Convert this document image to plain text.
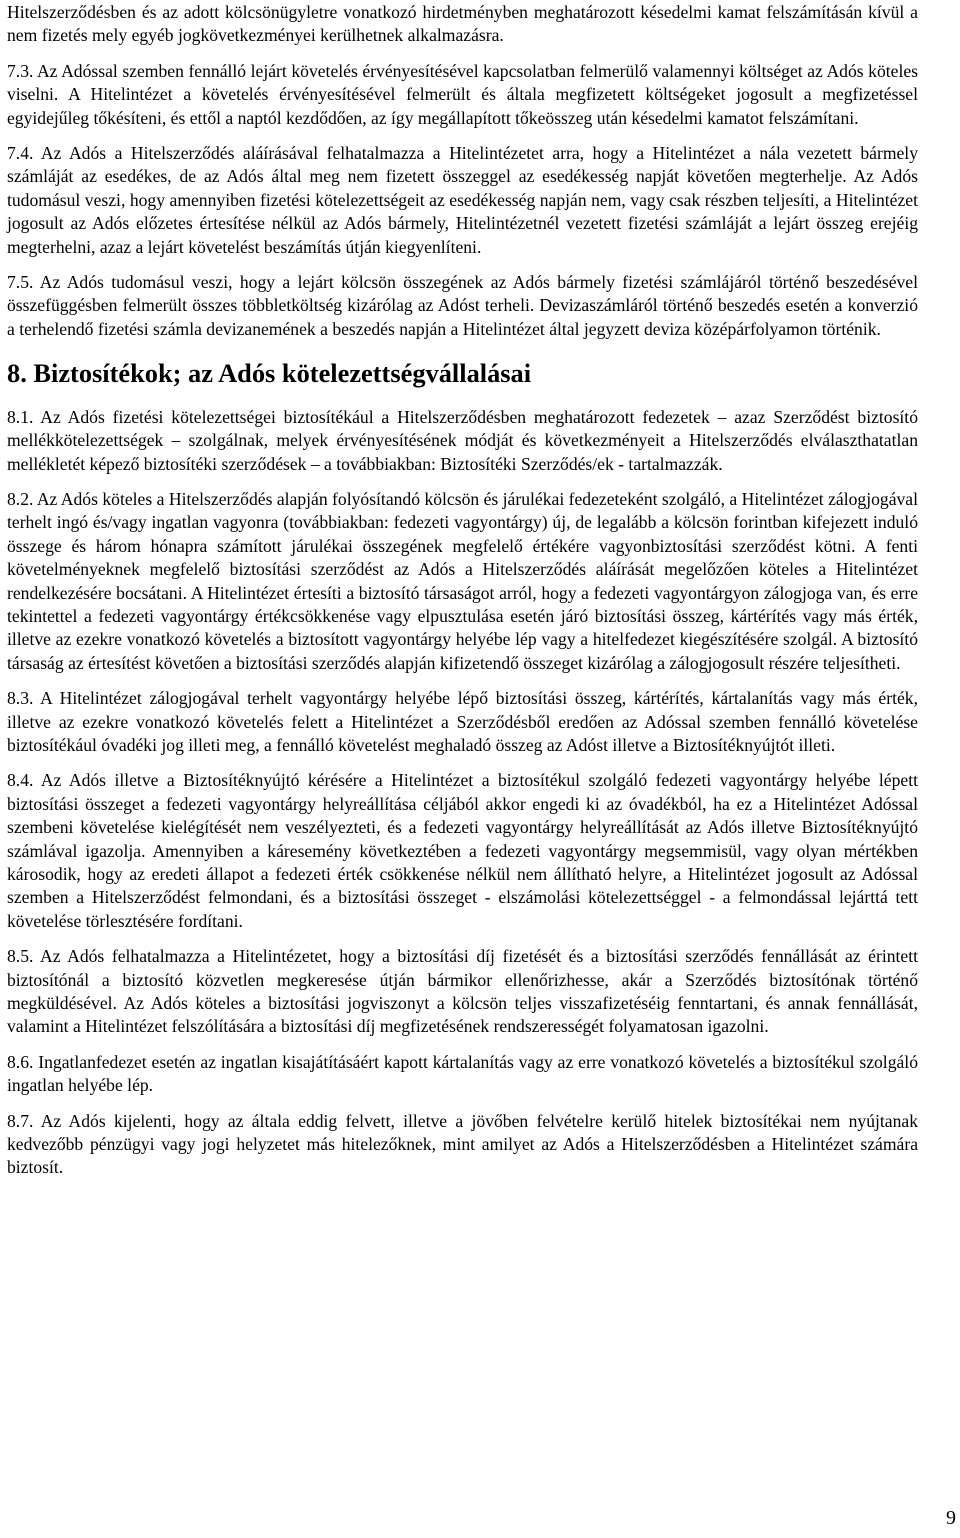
Hitelszerződésben és az adott kölcsönügyletre vonatkozó hirdetményben meghatározott késedelmi kamat felszámításán kívül a nem fizetés mely egyéb jogkövetkezményei kerülhetnek alkalmazásra.

7.3. Az Adóssal szemben fennálló lejárt követelés érvényesítésével kapcsolatban felmerülő valamennyi költséget az Adós köteles viselni. A Hitelintézet a követelés érvényesítésével felmerült és általa megfizetett költségeket jogosult a megfizetéssel egyidejűleg tőkésíteni, és ettől a naptól kezdődően, az így megállapított tőkeösszeg után késedelmi kamatot felszámítani.

7.4. Az Adós a Hitelszerződés aláírásával felhatalmazza a Hitelintézetet arra, hogy a Hitelintézet a nála vezetett bármely számláját az esedékes, de az Adós által meg nem fizetett összeggel az esedékesség napját követően megterhelje. Az Adós tudomásul veszi, hogy amennyiben fizetési kötelezettségeit az esedékesség napján nem, vagy csak részben teljesíti, a Hitelintézet jogosult az Adós előzetes értesítése nélkül az Adós bármely, Hitelintézetnél vezetett fizetési számláját a lejárt összeg erejéig megterhelni, azaz a lejárt követelést beszámítás útján kiegyenlíteni.

7.5. Az Adós tudomásul veszi, hogy a lejárt kölcsön összegének az Adós bármely fizetési számlájáról történő beszedésével összefüggésben felmerült összes többletköltség kizárólag az Adóst terheli. Devizaszámláról történő beszedés esetén a konverzió a terhelendő fizetési számla devizanemének a beszedés napján a Hitelintézet által jegyzett deviza középárfolyamon történik.

8. Biztosítékok; az Adós kötelezettségvállalásai

8.1. Az Adós fizetési kötelezettségei biztosítékául a Hitelszerződésben meghatározott fedezetek – azaz Szerződést biztosító mellékkötelezettségek – szolgálnak, melyek érvényesítésének módját és következményeit a Hitelszerződés elválaszthatatlan mellékletét képező biztosítéki szerződések – a továbbiakban: Biztosítéki Szerződés/ek - tartalmazzák.

8.2. Az Adós köteles a Hitelszerződés alapján folyósítandó kölcsön és járulékai fedezeteként szolgáló, a Hitelintézet zálogjogával terhelt ingó és/vagy ingatlan vagyonra (továbbiakban: fedezeti vagyontárgy) új, de legalább a kölcsön forintban kifejezett induló összege és három hónapra számított járulékai összegének megfelelő értékére vagyonbiztosítási szerződést kötni. A fenti követelményeknek megfelelő biztosítási szerződést az Adós a Hitelszerződés aláírását megelőzően köteles a Hitelintézet rendelkezésére bocsátani. A Hitelintézet értesíti a biztosító társaságot arról, hogy a fedezeti vagyontárgyon zálogjoga van, és erre tekintettel a fedezeti vagyontárgy értékcsökkenése vagy elpusztulása esetén járó biztosítási összeg, kártérítés vagy más érték, illetve az ezekre vonatkozó követelés a biztosított vagyontárgy helyébe lép vagy a hitelfedezet kiegészítésére szolgál. A biztosító társaság az értesítést követően a biztosítási szerződés alapján kifizetendő összeget kizárólag a zálogjogosult részére teljesítheti.

8.3. A Hitelintézet zálogjogával terhelt vagyontárgy helyébe lépő biztosítási összeg, kártérítés, kártalanítás vagy más érték, illetve az ezekre vonatkozó követelés felett a Hitelintézet a Szerződésből eredően az Adóssal szemben fennálló követelése biztosítékául óvadéki jog illeti meg, a fennálló követelést meghaladó összeg az Adóst illetve a Biztosítéknyújtót illeti.

8.4. Az Adós illetve a Biztosítéknyújtó kérésére a Hitelintézet a biztosítékul szolgáló fedezeti vagyontárgy helyébe lépett biztosítási összeget a fedezeti vagyontárgy helyreállítása céljából akkor engedi ki az óvadékból, ha ez a Hitelintézet Adóssal szembeni követelése kielégítését nem veszélyezteti, és a fedezeti vagyontárgy helyreállítását az Adós illetve Biztosítéknyújtó számlával igazolja. Amennyiben a káresemény következtében a fedezeti vagyontárgy megsemmisül, vagy olyan mértékben károsodik, hogy az eredeti állapot a fedezeti érték csökkenése nélkül nem állítható helyre, a Hitelintézet jogosult az Adóssal szemben a Hitelszerződést felmondani, és a biztosítási összeget - elszámolási kötelezettséggel - a felmondással lejárttá tett követelése törlesztésére fordítani.

8.5. Az Adós felhatalmazza a Hitelintézetet, hogy a biztosítási díj fizetését és a biztosítási szerződés fennállását az érintett biztosítónál a biztosító közvetlen megkeresése útján bármikor ellenőrizhesse, akár a Szerződés biztosítónak történő megküldésével. Az Adós köteles a biztosítási jogviszonyt a kölcsön teljes visszafizetéséig fenntartani, és annak fennállását, valamint a Hitelintézet felszólítására a biztosítási díj megfizetésének rendszerességét folyamatosan igazolni.

8.6. Ingatlanfedezet esetén az ingatlan kisajátításáért kapott kártalanítás vagy az erre vonatkozó követelés a biztosítékul szolgáló ingatlan helyébe lép.

8.7. Az Adós kijelenti, hogy az általa eddig felvett, illetve a jövőben felvételre kerülő hitelek biztosítékai nem nyújtanak kedvezőbb pénzügyi vagy jogi helyzetet más hitelezőknek, mint amilyet az Adós a Hitelszerződésben a Hitelintézet számára biztosít.

9
